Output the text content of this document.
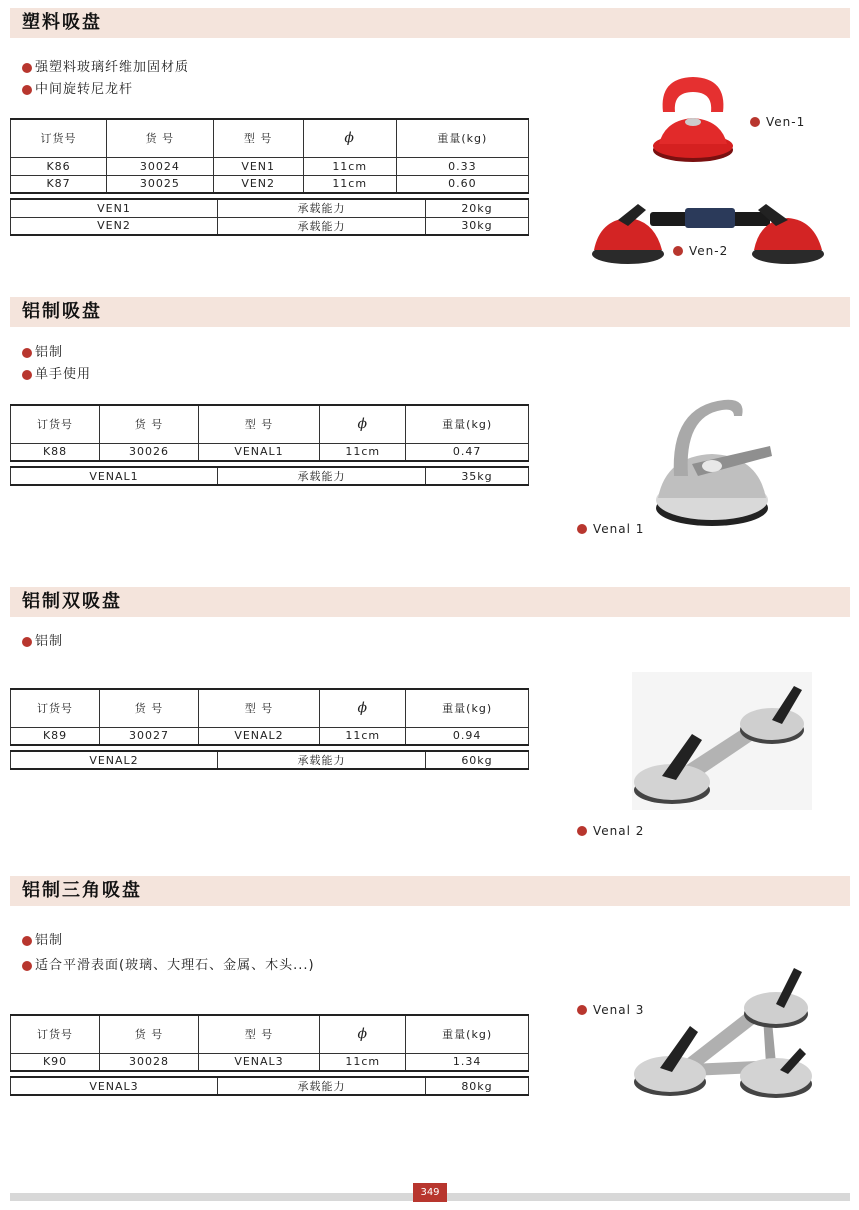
塑料吸盘
强塑料玻璃纤维加固材质
中间旋转尼龙杆
订货号	货 号	型 号	ϕ	重量(kg)
K86	30024	VEN1	11cm	0.33
K87	30025	VEN2	11cm	0.60
VEN1	承载能力	20kg
VEN2	承载能力	30kg
Ven-1
Ven-2
铝制吸盘
铝制
单手使用
订货号	货 号	型 号	ϕ	重量(kg)
K88	30026	VENAL1	11cm	0.47
VENAL1	承载能力	35kg
Venal 1
铝制双吸盘
铝制
订货号	货 号	型 号	ϕ	重量(kg)
K89	30027	VENAL2	11cm	0.94
VENAL2	承载能力	60kg
Venal 2
铝制三角吸盘
铝制
适合平滑表面(玻璃、大理石、金属、木头...)
订货号	货 号	型 号	ϕ	重量(kg)
K90	30028	VENAL3	11cm	1.34
VENAL3	承载能力	80kg
Venal 3
349
